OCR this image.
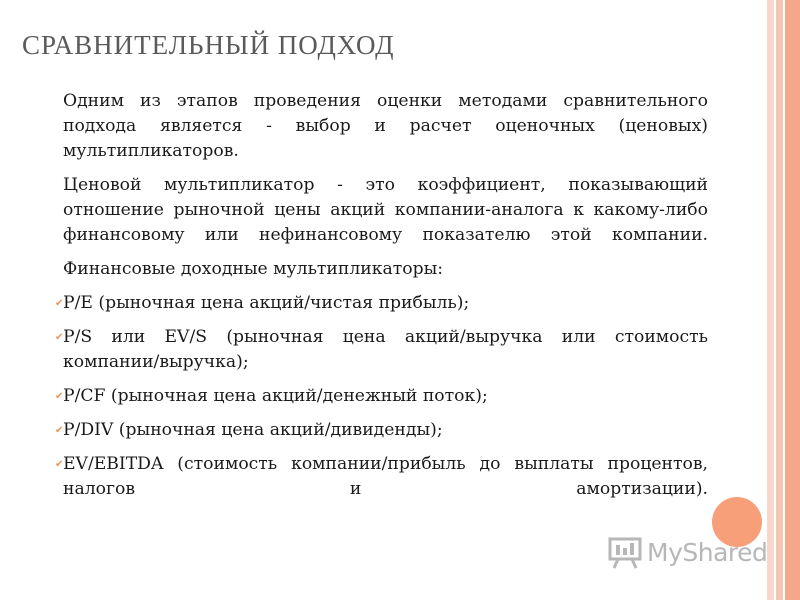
СРАВНИТЕЛЬНЫЙ ПОДХОД

Одним из этапов проведения оценки методами сравнительного подхода является - выбор и расчет оценочных (ценовых) мультипликаторов.

Ценовой мультипликатор - это коэффициент, показывающий отношение рыночной цены акций компании-аналога к какому-либо финансовому или нефинансовому показателю этой компании.

Финансовые доходные мультипликаторы:

✔ P/E (рыночная цена акций/чистая прибыль);

✔ P/S или EV/S (рыночная цена акций/выручка или стоимость компании/выручка);

✔ P/CF (рыночная цена акций/денежный поток);

✔ P/DIV (рыночная цена акций/дивиденды);

✔ EV/EBITDA (стоимость компании/прибыль до выплаты процентов, налогов и амортизации).

MyShared
